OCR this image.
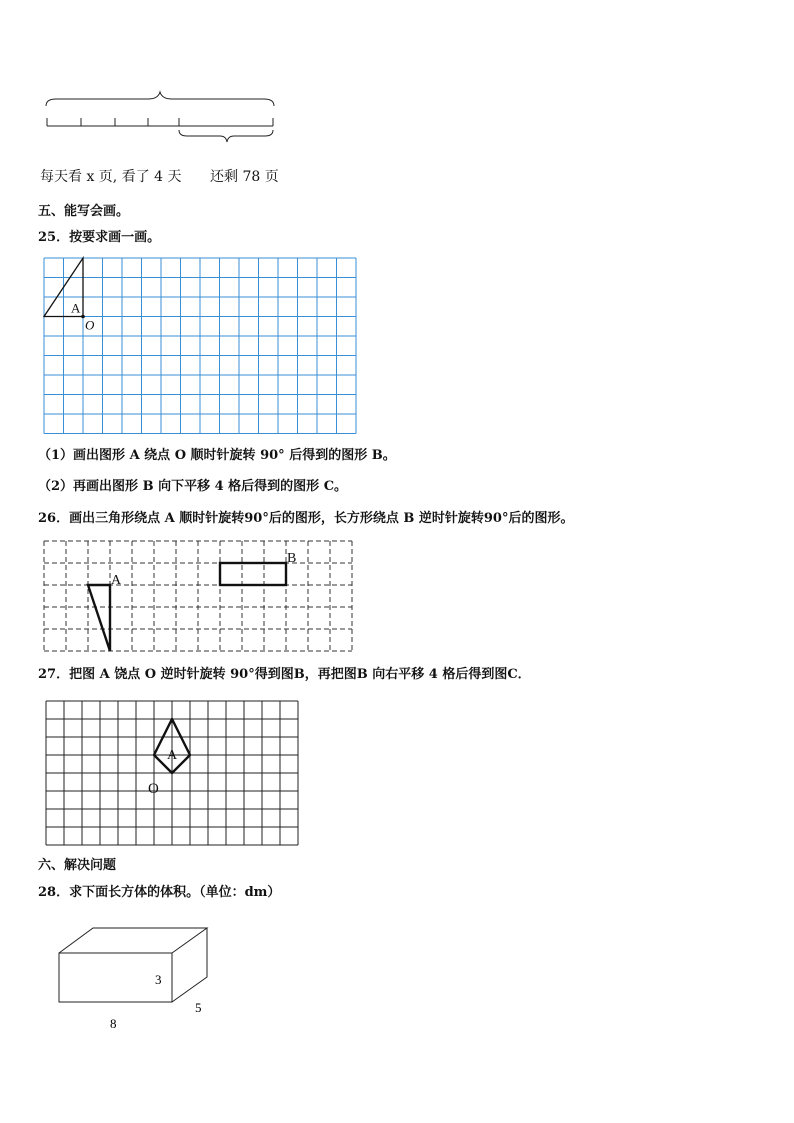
每天看 x 页, 看了 4 天 还剩 78 页
五、能写会画。
25．按要求画一画。
A
O
（1）画出图形 A 绕点 O 顺时针旋转 90° 后得到的图形 B。
（2）再画出图形 B 向下平移 4 格后得到的图形 C。
26．画出三角形绕点 A 顺时针旋转90°后的图形，长方形绕点 B 逆时针旋转90°后的图形。
A
B
27．把图 A 饶点 O 逆时针旋转 90°得到图B，再把图B 向右平移 4 格后得到图C．
A
O
六、解决问题
28．求下面长方体的体积。（单位：dm）
3
5
8
